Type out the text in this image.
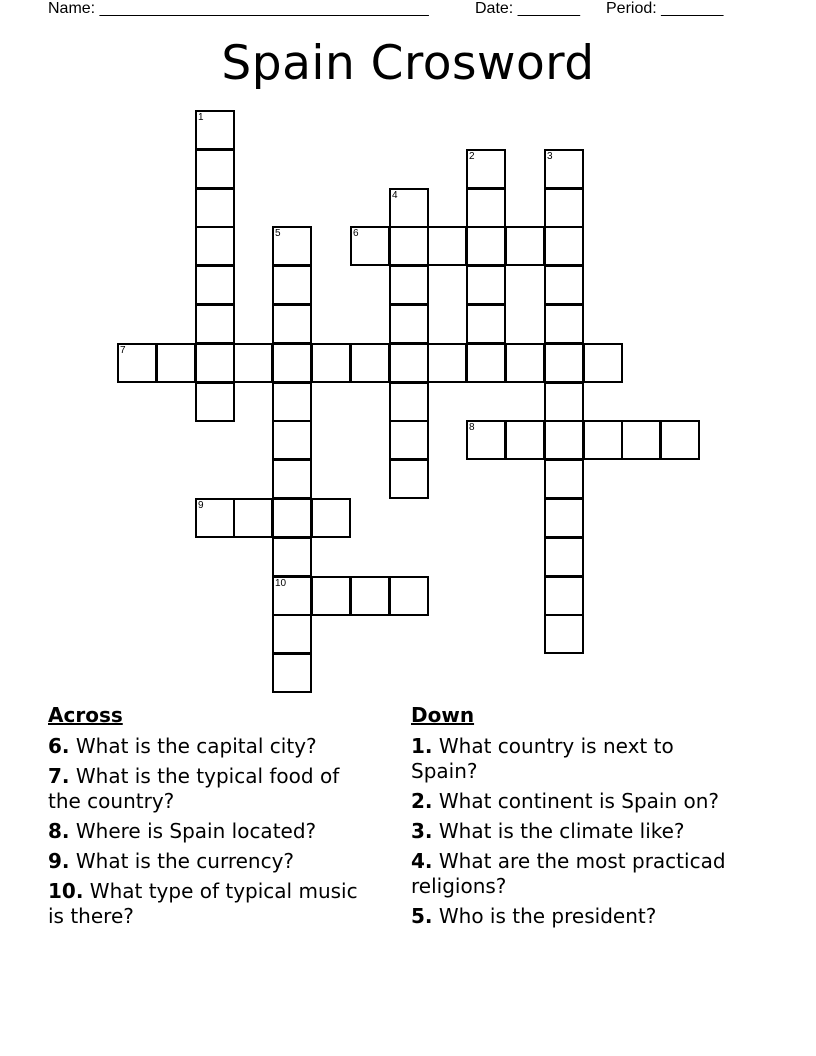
Name: _____________________________________	Date: _______ Period: _______
Spain Crosword
1
2	3
4
5
10
6
7
8
9
Across
6. What is the capital city?
7. What is the typical food of the country?
8. Where is Spain located?
9. What is the currency?
10. What type of typical music is there?
Down
1. What country is next to Spain?
2. What continent is Spain on?
3. What is the climate like?
4. What are the most practicad religions?
5. Who is the president?
